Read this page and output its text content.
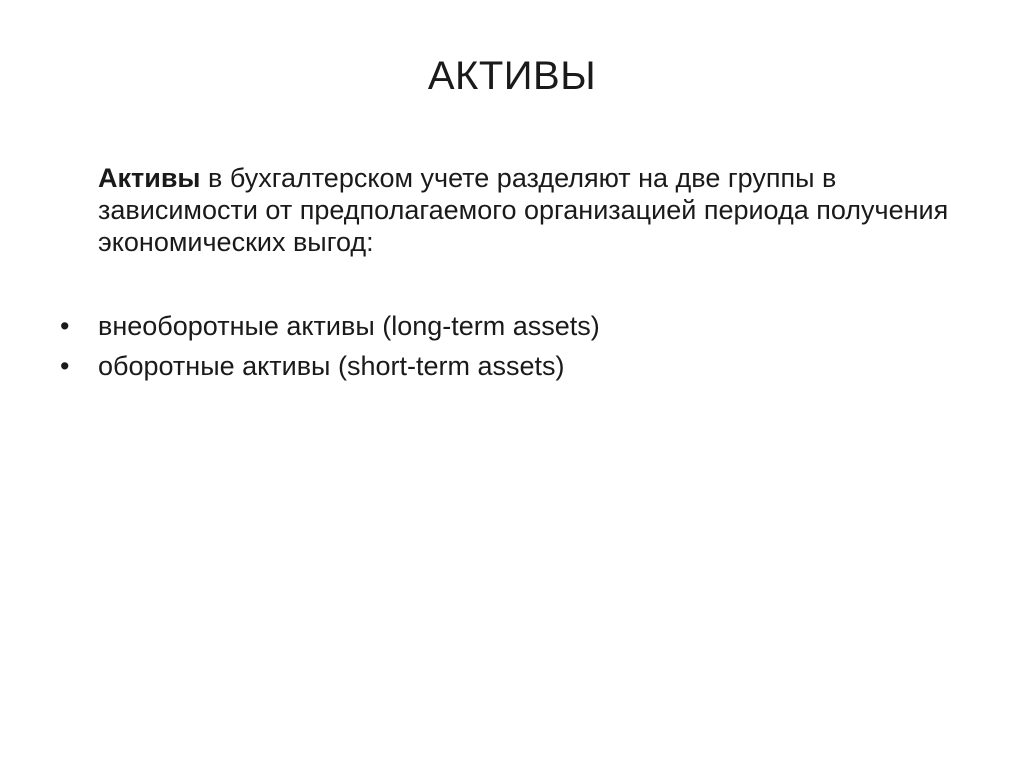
АКТИВЫ
Активы в бухгалтерском учете разделяют на две группы в зависимости от предполагаемого организацией периода получения экономических выгод:
•	внеоборотные активы (long-term assets)
•	оборотные активы (short-term assets)
